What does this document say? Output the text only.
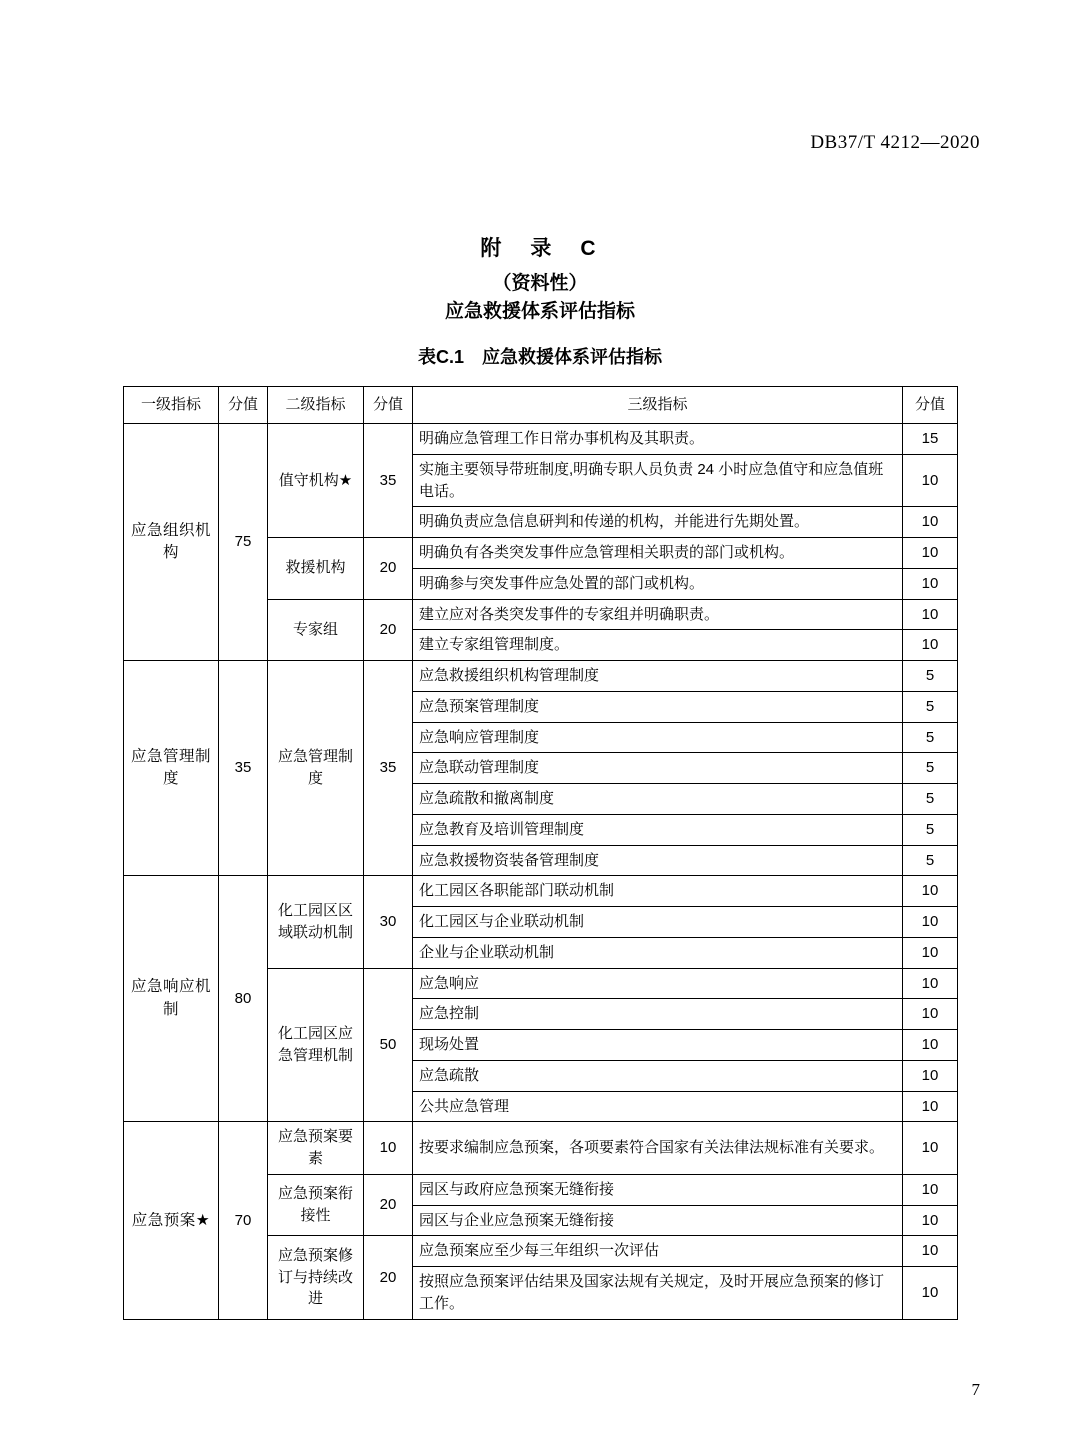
DB37/T 4212—2020
附　录　C
（资料性）
应急救援体系评估指标
表C.1　应急救援体系评估指标
一级指标	分值	二级指标	分值	三级指标	分值
应急组织机构	75	值守机构★	35	明确应急管理工作日常办事机构及其职责。	15
				实施主要领导带班制度,明确专职人员负责 24 小时应急值守和应急值班电话。	10
				明确负责应急信息研判和传递的机构，并能进行先期处置。	10
		救援机构	20	明确负有各类突发事件应急管理相关职责的部门或机构。	10
				明确参与突发事件应急处置的部门或机构。	10
		专家组	20	建立应对各类突发事件的专家组并明确职责。	10
				建立专家组管理制度。	10
应急管理制度	35	应急管理制度	35	应急救援组织机构管理制度	5
				应急预案管理制度	5
				应急响应管理制度	5
				应急联动管理制度	5
				应急疏散和撤离制度	5
				应急教育及培训管理制度	5
				应急救援物资装备管理制度	5
应急响应机制	80	化工园区区域联动机制	30	化工园区各职能部门联动机制	10
				化工园区与企业联动机制	10
				企业与企业联动机制	10
		化工园区应急管理机制	50	应急响应	10
				应急控制	10
				现场处置	10
				应急疏散	10
				公共应急管理	10
应急预案★	70	应急预案要素	10	按要求编制应急预案，各项要素符合国家有关法律法规标准有关要求。	10
		应急预案衔接性	20	园区与政府应急预案无缝衔接	10
				园区与企业应急预案无缝衔接	10
		应急预案修订与持续改进	20	应急预案应至少每三年组织一次评估	10
				按照应急预案评估结果及国家法规有关规定，及时开展应急预案的修订工作。	10
7
